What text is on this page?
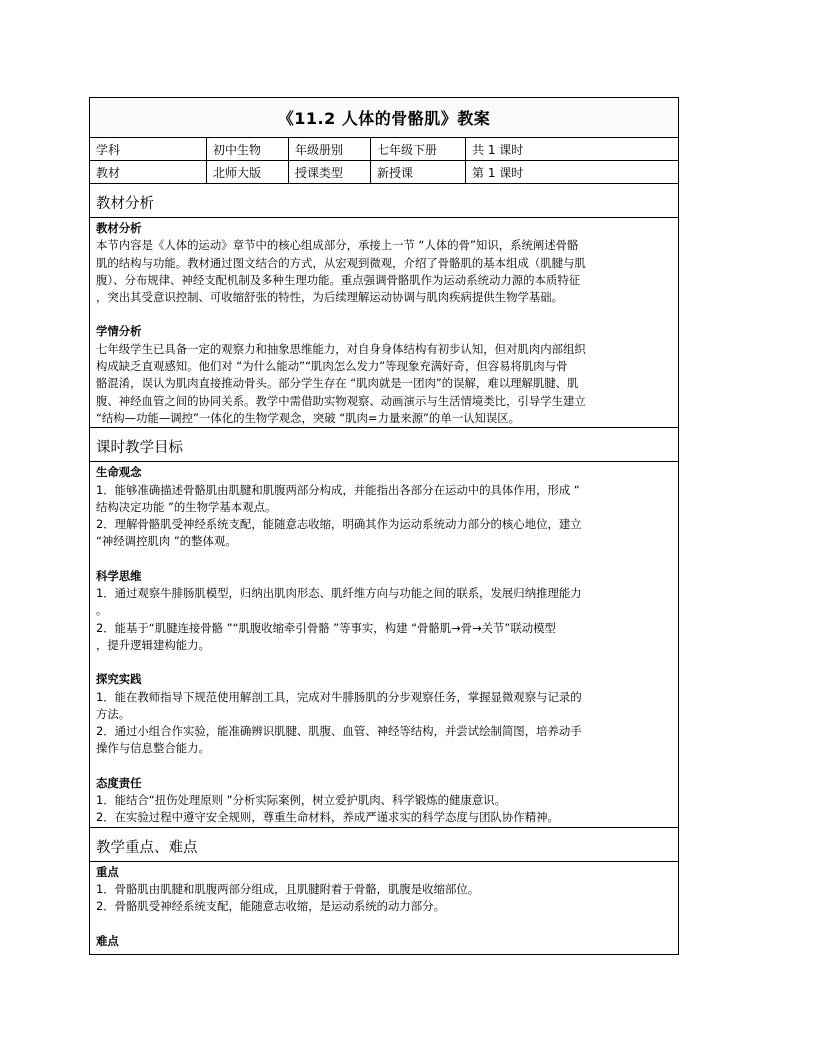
《11.2 人体的骨骼肌》教案
学科	初中生物	年级册别	七年级下册	共 1 课时
教材	北师大版	授课类型	新授课	第 1 课时
教材分析
教材分析
本节内容是《人体的运动》章节中的核心组成部分，承接上一节 “人体的骨”知识，系统阐述骨骼
肌的结构与功能。教材通过图文结合的方式，从宏观到微观，介绍了骨骼肌的基本组成（肌腱与肌
腹）、分布规律、神经支配机制及多种生理功能。重点强调骨骼肌作为运动系统动力源的本质特征
，突出其受意识控制、可收缩舒张的特性，为后续理解运动协调与肌肉疾病提供生物学基础。
学情分析
七年级学生已具备一定的观察力和抽象思维能力，对自身身体结构有初步认知，但对肌肉内部组织
构成缺乏直观感知。他们对 “为什么能动”“肌肉怎么发力”等现象充满好奇，但容易将肌肉与骨
骼混淆，误认为肌肉直接推动骨头。部分学生存在 “肌肉就是一团肉”的误解，难以理解肌腱、肌
腹、神经血管之间的协同关系。教学中需借助实物观察、动画演示与生活情境类比，引导学生建立
“结构—功能—调控”一体化的生物学观念，突破 “肌肉=力量来源”的单一认知误区。
课时教学目标
生命观念
1．能够准确描述骨骼肌由肌腱和肌腹两部分构成，并能指出各部分在运动中的具体作用，形成 “
结构决定功能 ”的生物学基本观点。
2．理解骨骼肌受神经系统支配，能随意志收缩，明确其作为运动系统动力部分的核心地位，建立
“神经调控肌肉 ”的整体观。
科学思维
1．通过观察牛腓肠肌模型，归纳出肌肉形态、肌纤维方向与功能之间的联系，发展归纳推理能力
。
2．能基于“肌腱连接骨骼 ”“肌腹收缩牵引骨骼 ”等事实，构建 “骨骼肌→骨→关节”联动模型
，提升逻辑建构能力。
探究实践
1．能在教师指导下规范使用解剖工具，完成对牛腓肠肌的分步观察任务，掌握显微观察与记录的
方法。
2．通过小组合作实验，能准确辨识肌腱、肌腹、血管、神经等结构，并尝试绘制简图，培养动手
操作与信息整合能力。
态度责任
1．能结合“扭伤处理原则 ”分析实际案例，树立爱护肌肉、科学锻炼的健康意识。
2．在实验过程中遵守安全规则，尊重生命材料，养成严谨求实的科学态度与团队协作精神。
教学重点、难点
重点
1．骨骼肌由肌腱和肌腹两部分组成，且肌腱附着于骨骼，肌腹是收缩部位。
2．骨骼肌受神经系统支配，能随意志收缩，是运动系统的动力部分。
难点
